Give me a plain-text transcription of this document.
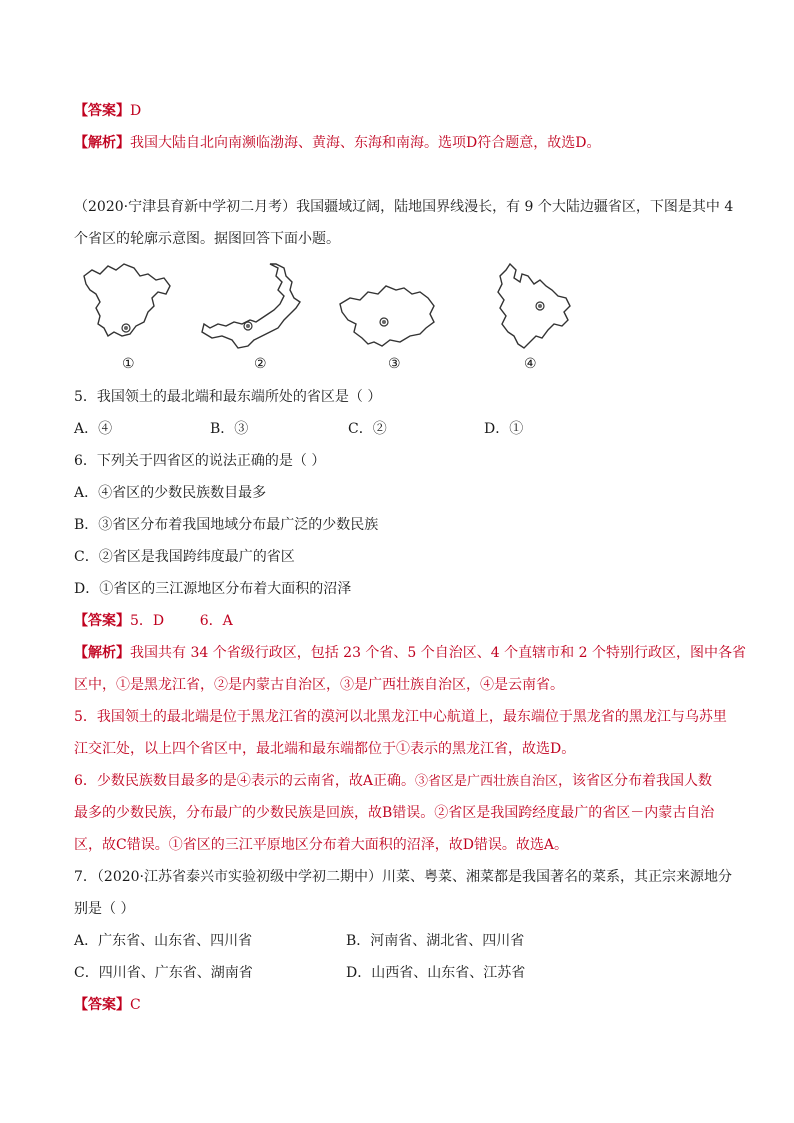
【答案】D
【解析】我国大陆自北向南濒临渤海、黄海、东海和南海。选项D符合题意，故选D。
（2020·宁津县育新中学初二月考）我国疆域辽阔，陆地国界线漫长，有 9 个大陆边疆省区，下图是其中 4
个省区的轮廓示意图。据图回答下面小题。
①	②	③	④
5．我国领土的最北端和最东端所处的省区是（ ）
A．④	B．③	C．②	D．①
6．下列关于四省区的说法正确的是（ ）
A．④省区的少数民族数目最多
B．③省区分布着我国地域分布最广泛的少数民族
C．②省区是我国跨纬度最广的省区
D．①省区的三江源地区分布着大面积的沼泽
【答案】5．D        6．A
【解析】我国共有 34 个省级行政区，包括 23 个省、5 个自治区、4 个直辖市和 2 个特别行政区，图中各省
区中，①是黑龙江省，②是内蒙古自治区，③是广西壮族自治区，④是云南省。
5．我国领土的最北端是位于黑龙江省的漠河以北黑龙江中心航道上，最东端位于黑龙省的黑龙江与乌苏里
江交汇处，以上四个省区中，最北端和最东端都位于①表示的黑龙江省，故选D。
6．少数民族数目最多的是④表示的云南省，故A正确。③省区是广西壮族自治区，该省区分布着我国人数
最多的少数民族，分布最广的少数民族是回族，故B错误。②省区是我国跨经度最广的省区－内蒙古自治
区，故C错误。①省区的三江平原地区分布着大面积的沼泽，故D错误。故选A。
7．（2020·江苏省泰兴市实验初级中学初二期中）川菜、粤菜、湘菜都是我国著名的菜系，其正宗来源地分
别是（ ）
A．广东省、山东省、四川省	B．河南省、湖北省、四川省
C．四川省、广东省、湖南省	D．山西省、山东省、江苏省
【答案】C
